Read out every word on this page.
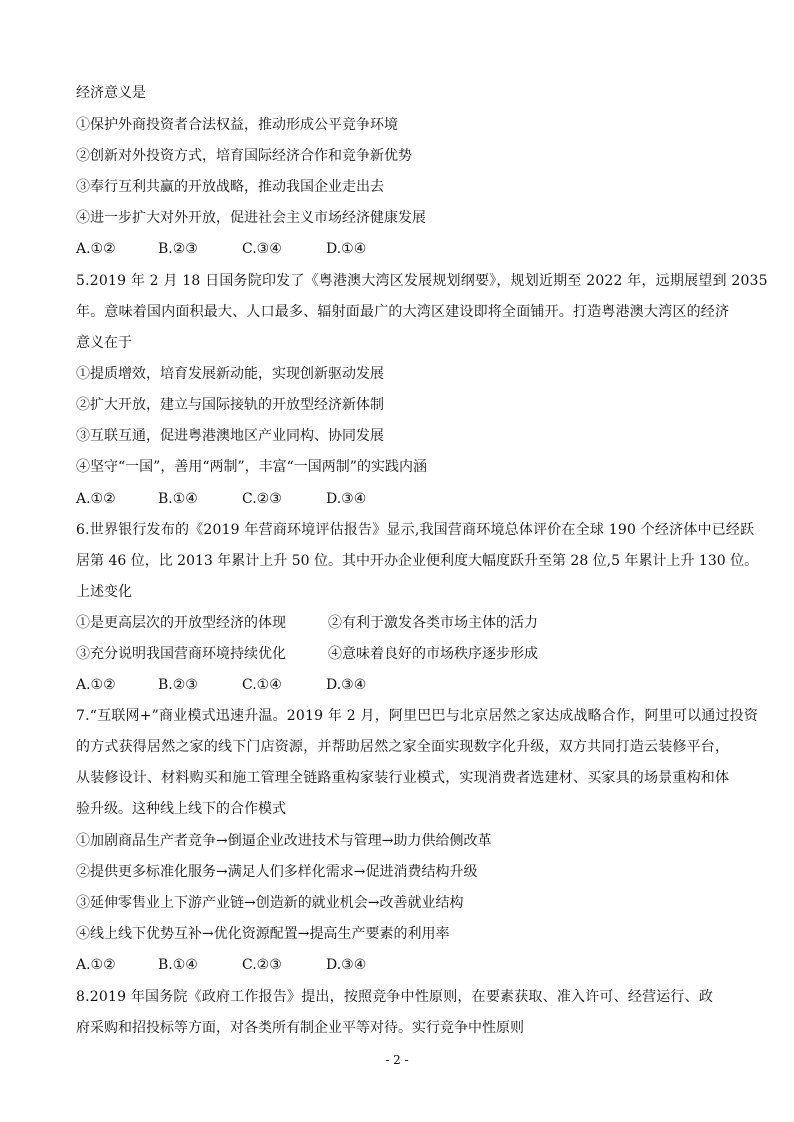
经济意义是
①保护外商投资者合法权益，推动形成公平竞争环境
②创新对外投资方式，培育国际经济合作和竞争新优势
③奉行互利共赢的开放战略，推动我国企业走出去
④进一步扩大对外开放，促进社会主义市场经济健康发展
A.①②	B.②③	C.③④	D.①④
5.2019 年 2 月 18 日国务院印发了《粤港澳大湾区发展规划纲要》，规划近期至 2022 年，远期展望到 2035
年。意味着国内面积最大、人口最多、辐射面最广的大湾区建设即将全面铺开。打造粤港澳大湾区的经济
意义在于
①提质增效，培育发展新动能，实现创新驱动发展
②扩大开放，建立与国际接轨的开放型经济新体制
③互联互通，促进粤港澳地区产业同构、协同发展
④坚守“一国”，善用“两制”，丰富“一国两制”的实践内涵
A.①②	B.①④	C.②③	D.③④
6.世界银行发布的《2019 年营商环境评估报告》显示,我国营商环境总体评价在全球 190 个经济体中已经跃
居第 46 位，比 2013 年累计上升 50 位。其中开办企业便利度大幅度跃升至第 28 位,5 年累计上升 130 位。
上述变化
①是更高层次的开放型经济的体现	②有利于激发各类市场主体的活力
③充分说明我国营商环境持续优化	④意味着良好的市场秩序逐步形成
A.①②	B.②③	C.①④	D.③④
7.“互联网+”商业模式迅速升温。2019 年 2 月，阿里巴巴与北京居然之家达成战略合作，阿里可以通过投资
的方式获得居然之家的线下门店资源，并帮助居然之家全面实现数字化升级，双方共同打造云装修平台，
从装修设计、材料购买和施工管理全链路重构家装行业模式，实现消费者选建材、买家具的场景重构和体
验升级。这种线上线下的合作模式
①加剧商品生产者竞争→倒逼企业改进技术与管理→助力供给侧改革
②提供更多标准化服务→满足人们多样化需求→促进消费结构升级
③延伸零售业上下游产业链→创造新的就业机会→改善就业结构
④线上线下优势互补→优化资源配置→提高生产要素的利用率
A.①②	B.①④	C.②③	D.③④
8.2019 年国务院《政府工作报告》提出，按照竞争中性原则，在要素获取、准入许可、经营运行、政
府采购和招投标等方面，对各类所有制企业平等对待。实行竞争中性原则
- 2 -
